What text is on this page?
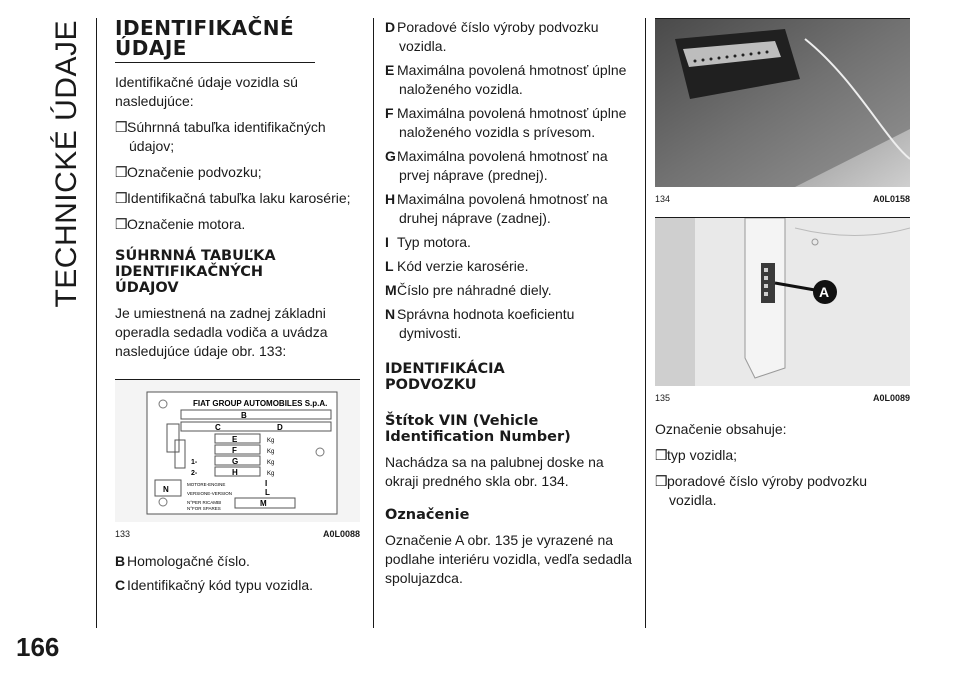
TECHNICKÉ ÚDAJE
166
IDENTIFIKAČNÉ ÚDAJE

Identifikačné údaje vozidla sú nasledujúce:

❒Súhrnná tabuľka identifikačných údajov;

❒Označenie podvozku;

❒Identifikačná tabuľka laku karosérie;

❒Označenie motora.

SÚHRNNÁ TABUĽKA IDENTIFIKAČNÝCH ÚDAJOV

Je umiestnená na zadnej základni operadla sedadla vodiča a uvádza nasledujúce údaje obr. 133:

FIAT GROUP AUTOMOBILES S.p.A.
B
C	D
E	Kg
F	Kg
1-	G	Kg
2-	H	Kg
MOTORE-ENGINE	I
VERSIONE-VERSION	L
N
N°PER RICAMBI
N°FOR SPARES
M
133	A0L0088

B Homologačné číslo.

C Identifikačný kód typu vozidla.

D Poradové číslo výroby podvozku vozidla.

E Maximálna povolená hmotnosť úplne naloženého vozidla.

F Maximálna povolená hmotnosť úplne naloženého vozidla s prívesom.

GMaximálna povolená hmotnosť na prvej náprave (prednej).

H Maximálna povolená hmotnosť na druhej náprave (zadnej).

I Typ motora.

L Kód verzie karosérie.

MČíslo pre náhradné diely.

N Správna hodnota koeficientu dymivosti.

IDENTIFIKÁCIA PODVOZKU
Štítok VIN (Vehicle Identification Number)

Nachádza sa na palubnej doske na okraji predného skla obr. 134.

Označenie

Označenie A obr. 135 je vyrazené na podlahe interiéru vozidla, vedľa sedadla spolujazdca.

134	A0L0158
A
135	A0L0089

Označenie obsahuje:

❒typ vozidla;

❒poradové číslo výroby podvozku vozidla.
